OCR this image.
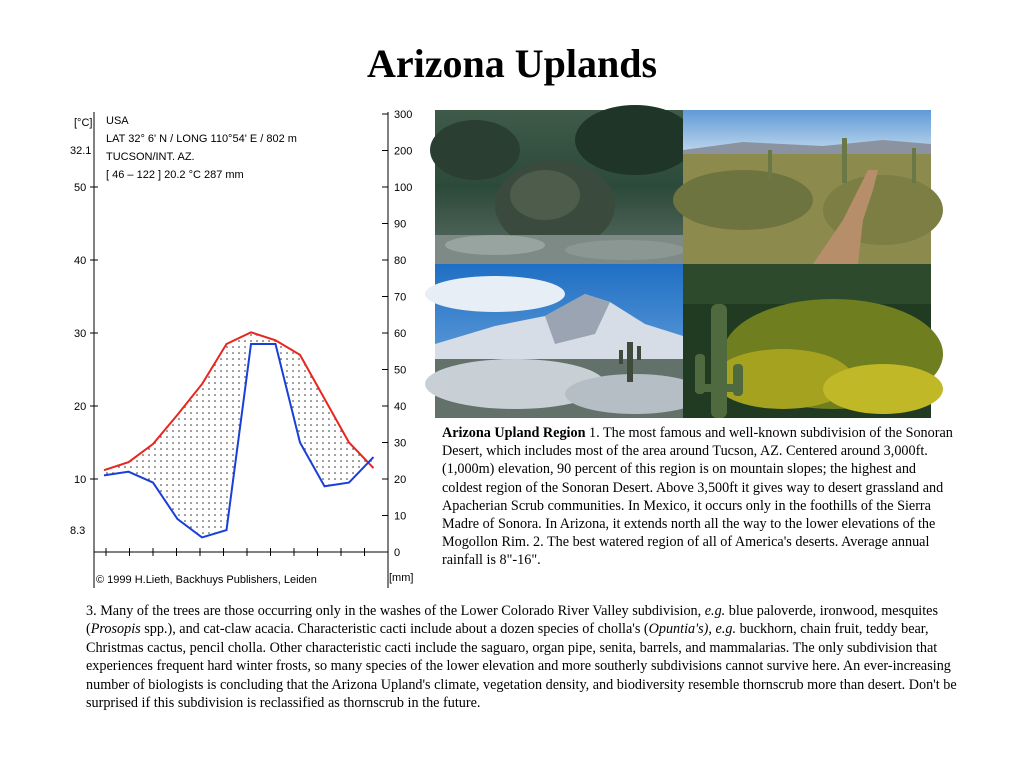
Arizona Uplands
[°C] USA
LAT 32° 6' N / LONG 110°54' E / 802 m
TUCSON/INT. AZ.
[ 46 – 122 ] 20.2 °C 287 mm
32.1
8.3
50
40
30
20
10
300
200
100
90
80
70
60
50
40
30
20
10
0
[mm]
© 1999 H.Lieth, Backhuys Publishers, Leiden

Arizona Upland Region 1. The most famous and well-known subdivision of the Sonoran Desert, which includes most of the area around Tucson, AZ. Centered around 3,000ft. (1,000m) elevation, 90 percent of this region is on mountain slopes; the highest and coldest region of the Sonoran Desert. Above 3,500ft it gives way to desert grassland and Apacherian Scrub communities. In Mexico, it occurs only in the foothills of the Sierra Madre of Sonora. In Arizona, it extends north all the way to the lower elevations of the Mogollon Rim. 2. The best watered region of all of America's deserts. Average annual rainfall is 8"-16".

3. Many of the trees are those occurring only in the washes of the Lower Colorado River Valley subdivision, e.g. blue paloverde, ironwood, mesquites (Prosopis spp.), and cat-claw acacia. Characteristic cacti include about a dozen species of cholla's (Opuntia's), e.g. buckhorn, chain fruit, teddy bear, Christmas cactus, pencil cholla. Other characteristic cacti include the saguaro, organ pipe, senita, barrels, and mammalarias. The only subdivision that experiences frequent hard winter frosts, so many species of the lower elevation and more southerly subdivisions cannot survive here. An ever-increasing number of biologists is concluding that the Arizona Upland's climate, vegetation density, and biodiversity resemble thornscrub more than desert. Don't be surprised if this subdivision is reclassified as thornscrub in the future.
